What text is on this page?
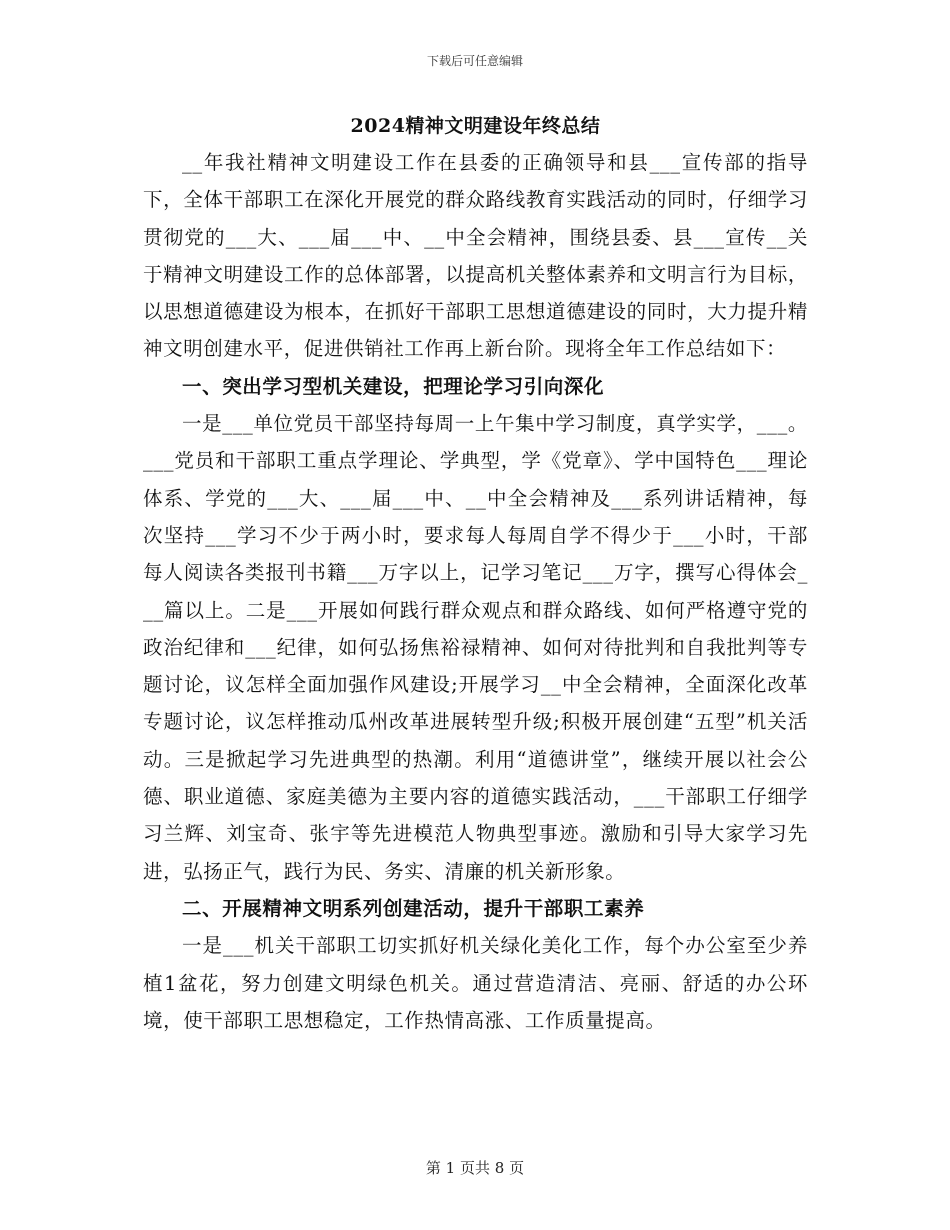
下载后可任意编辑
2024精神文明建设年终总结

__年我社精神文明建设工作在县委的正确领导和县___宣传部的指导下，全体干部职工在深化开展党的群众路线教育实践活动的同时，仔细学习贯彻党的___大、___届___中、__中全会精神，围绕县委、县___宣传__关于精神文明建设工作的总体部署，以提高机关整体素养和文明言行为目标，以思想道德建设为根本，在抓好干部职工思想道德建设的同时，大力提升精神文明创建水平，促进供销社工作再上新台阶。现将全年工作总结如下：

一、突出学习型机关建设，把理论学习引向深化

一是___单位党员干部坚持每周一上午集中学习制度，真学实学，___。___党员和干部职工重点学理论、学典型，学《党章》、学中国特色___理论体系、学党的___大、___届___中、__中全会精神及___系列讲话精神，每次坚持___学习不少于两小时，要求每人每周自学不得少于___小时，干部每人阅读各类报刊书籍___万字以上，记学习笔记___万字，撰写心得体会___篇以上。二是___开展如何践行群众观点和群众路线、如何严格遵守党的政治纪律和___纪律，如何弘扬焦裕禄精神、如何对待批判和自我批判等专题讨论，议怎样全面加强作风建设;开展学习__中全会精神，全面深化改革专题讨论，议怎样推动瓜州改革进展转型升级;积极开展创建“五型”机关活动。三是掀起学习先进典型的热潮。利用“道德讲堂”，继续开展以社会公德、职业道德、家庭美德为主要内容的道德实践活动，___干部职工仔细学习兰辉、刘宝奇、张宇等先进模范人物典型事迹。激励和引导大家学习先进，弘扬正气，践行为民、务实、清廉的机关新形象。

二、开展精神文明系列创建活动，提升干部职工素养

一是___机关干部职工切实抓好机关绿化美化工作，每个办公室至少养植1盆花，努力创建文明绿色机关。通过营造清洁、亮丽、舒适的办公环境，使干部职工思想稳定，工作热情高涨、工作质量提高。

第 1 页共 8 页
